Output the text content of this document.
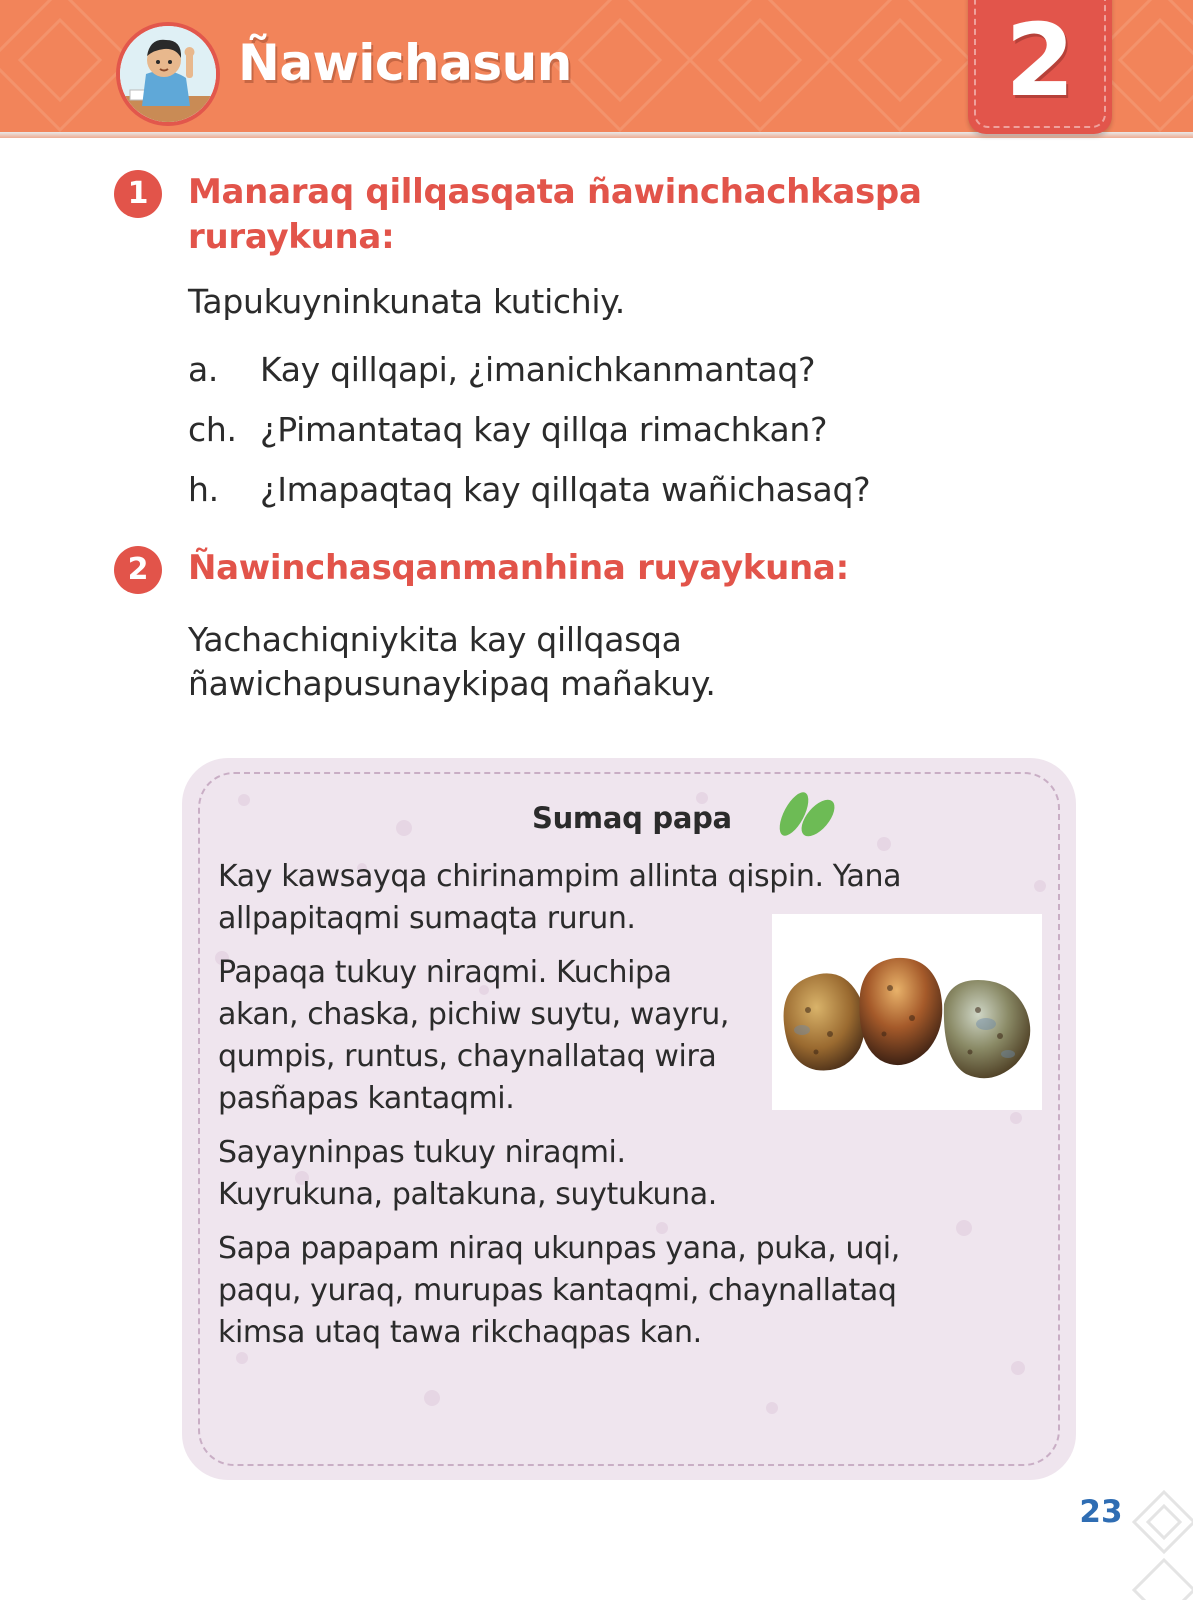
Ñawichasun	2
1	Manaraq qillqasqata ñawinchachkaspa
ruraykuna:
Tapukuyninkunata kutichiy.
a. Kay qillqapi, ¿imanichkanmantaq?
ch. ¿Pimantataq kay qillqa rimachkan?
h. ¿Imapaqtaq kay qillqata wañichasaq?
2	Ñawinchasqanmanhina ruyaykuna:
Yachachiqniykita kay qillqasqa
ñawichapusunaykipaq mañakuy.
Sumaq papa
Kay kawsayqa chirinampim allinta qispin. Yana
allpapitaqmi sumaqta rurun.
Papaqa tukuy niraqmi. Kuchipa
akan, chaska, pichiw suytu, wayru,
qumpis, runtus, chaynallataq wira
pasñapas kantaqmi.
Sayayninpas tukuy niraqmi.
Kuyrukuna, paltakuna, suytukuna.
Sapa papapam niraq ukunpas yana, puka, uqi,
paqu, yuraq, murupas kantaqmi, chaynallataq
kimsa utaq tawa rikchaqpas kan.
23
